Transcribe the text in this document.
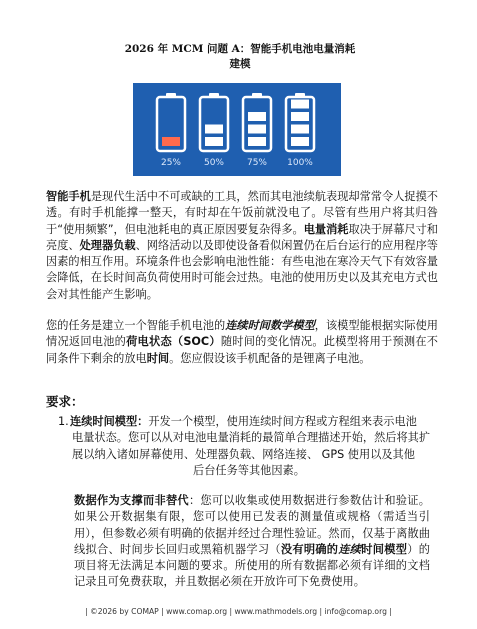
2026 年 MCM 问题 A：智能手机电池电量消耗
建模
25%	50%	75% 100%
智能手机是现代生活中不可或缺的工具，然而其电池续航表现却常常令人捉摸不透。有时手机能撑一整天，有时却在午饭前就没电了。尽管有些用户将其归咎于“使用频繁”，但电池耗电的真正原因要复杂得多。电量消耗取决于屏幕尺寸和亮度、处理器负载、网络活动以及即使设备看似闲置仍在后台运行的应用程序等因素的相互作用。环境条件也会影响电池性能：有些电池在寒冷天气下有效容量会降低，在长时间高负荷使用时可能会过热。电池的使用历史以及其充电方式也会对其性能产生影响。
您的任务是建立一个智能手机电池的连续时间数学模型，该模型能根据实际使用情况返回电池的荷电状态（SOC）随时间的变化情况。此模型将用于预测在不同条件下剩余的放电时间。您应假设该手机配备的是锂离子电池。
要求：
1.连续时间模型：开发一个模型，使用连续时间方程或方程组来表示电池
电量状态。您可以从对电池电量消耗的最简单合理描述开始，然后将其扩展以纳入诸如屏幕使用、处理器负载、网络连接、 GPS 使用以及其他
后台任务等其他因素。
数据作为支撑而非替代：您可以收集或使用数据进行参数估计和验证。如果公开数据集有限，您可以使用已发表的测量值或规格（需适当引用），但参数必须有明确的依据并经过合理性验证。然而，仅基于离散曲线拟合、时间步长回归或黑箱机器学习（没有明确的连续时间模型）的项目将无法满足本问题的要求。所使用的所有数据都必须有详细的文档记录且可免费获取，并且数据必须在开放许可下免费使用。
| ©2026 by COMAP | www.comap.org | www.mathmodels.org | info@comap.org |
